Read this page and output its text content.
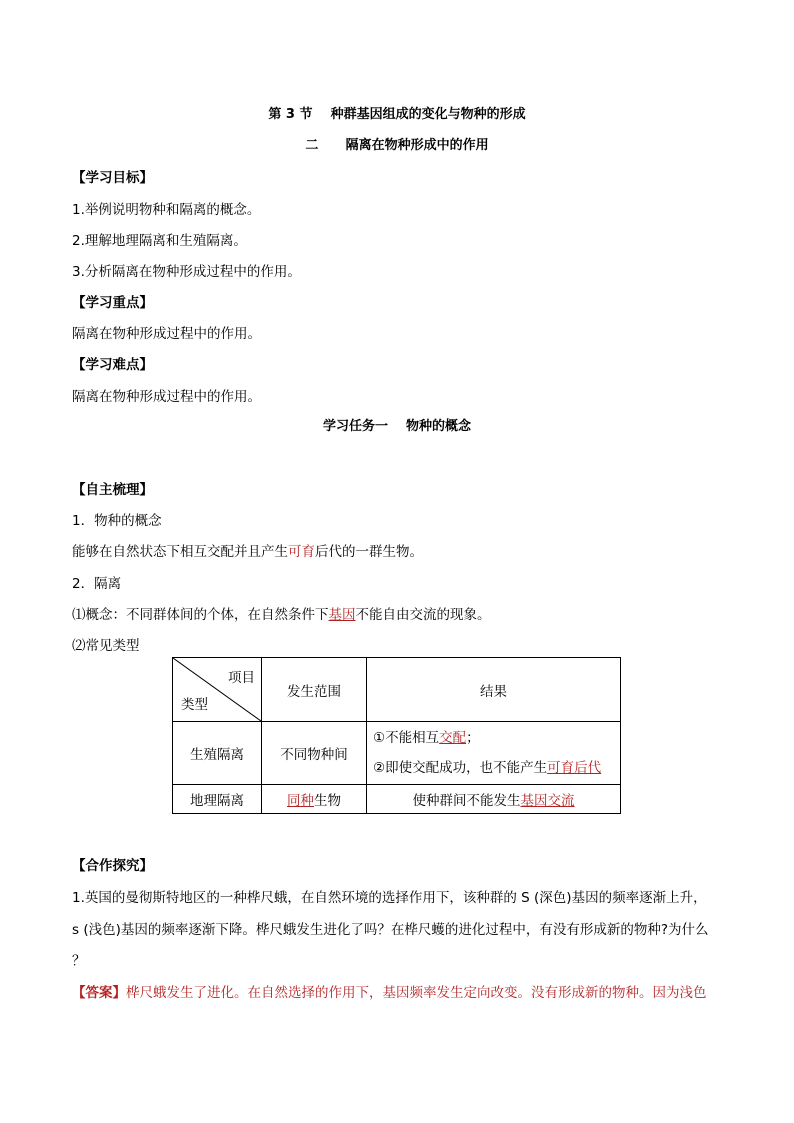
第 3 节    种群基因组成的变化与物种的形成

二      隔离在物种形成中的作用

【学习目标】

1.举例说明物种和隔离的概念。

2.理解地理隔离和生殖隔离。

3.分析隔离在物种形成过程中的作用。

【学习重点】

隔离在物种形成过程中的作用。

【学习难点】

隔离在物种形成过程中的作用。

学习任务一    物种的概念

【自主梳理】

1．物种的概念

能够在自然状态下相互交配并且产生可育后代的一群生物。

2．隔离

⑴概念：不同群体间的个体，在自然条件下基因不能自由交流的现象。

⑵常见类型

项目
类型	发生范围	结果
生殖隔离	不同物种间	①不能相互交配；
②即使交配成功，也不能产生可育后代

地理隔离	同种生物	使种群间不能发生基因交流

【合作探究】

1.英国的曼彻斯特地区的一种桦尺蛾，在自然环境的选择作用下，该种群的 S (深色)基因的频率逐渐上升，

s (浅色)基因的频率逐渐下降。桦尺蛾发生进化了吗？在桦尺蠖的进化过程中，有没有形成新的物种?为什么

？

【答案】桦尺蛾发生了进化。在自然选择的作用下，基因频率发生定向改变。没有形成新的物种。因为浅色
